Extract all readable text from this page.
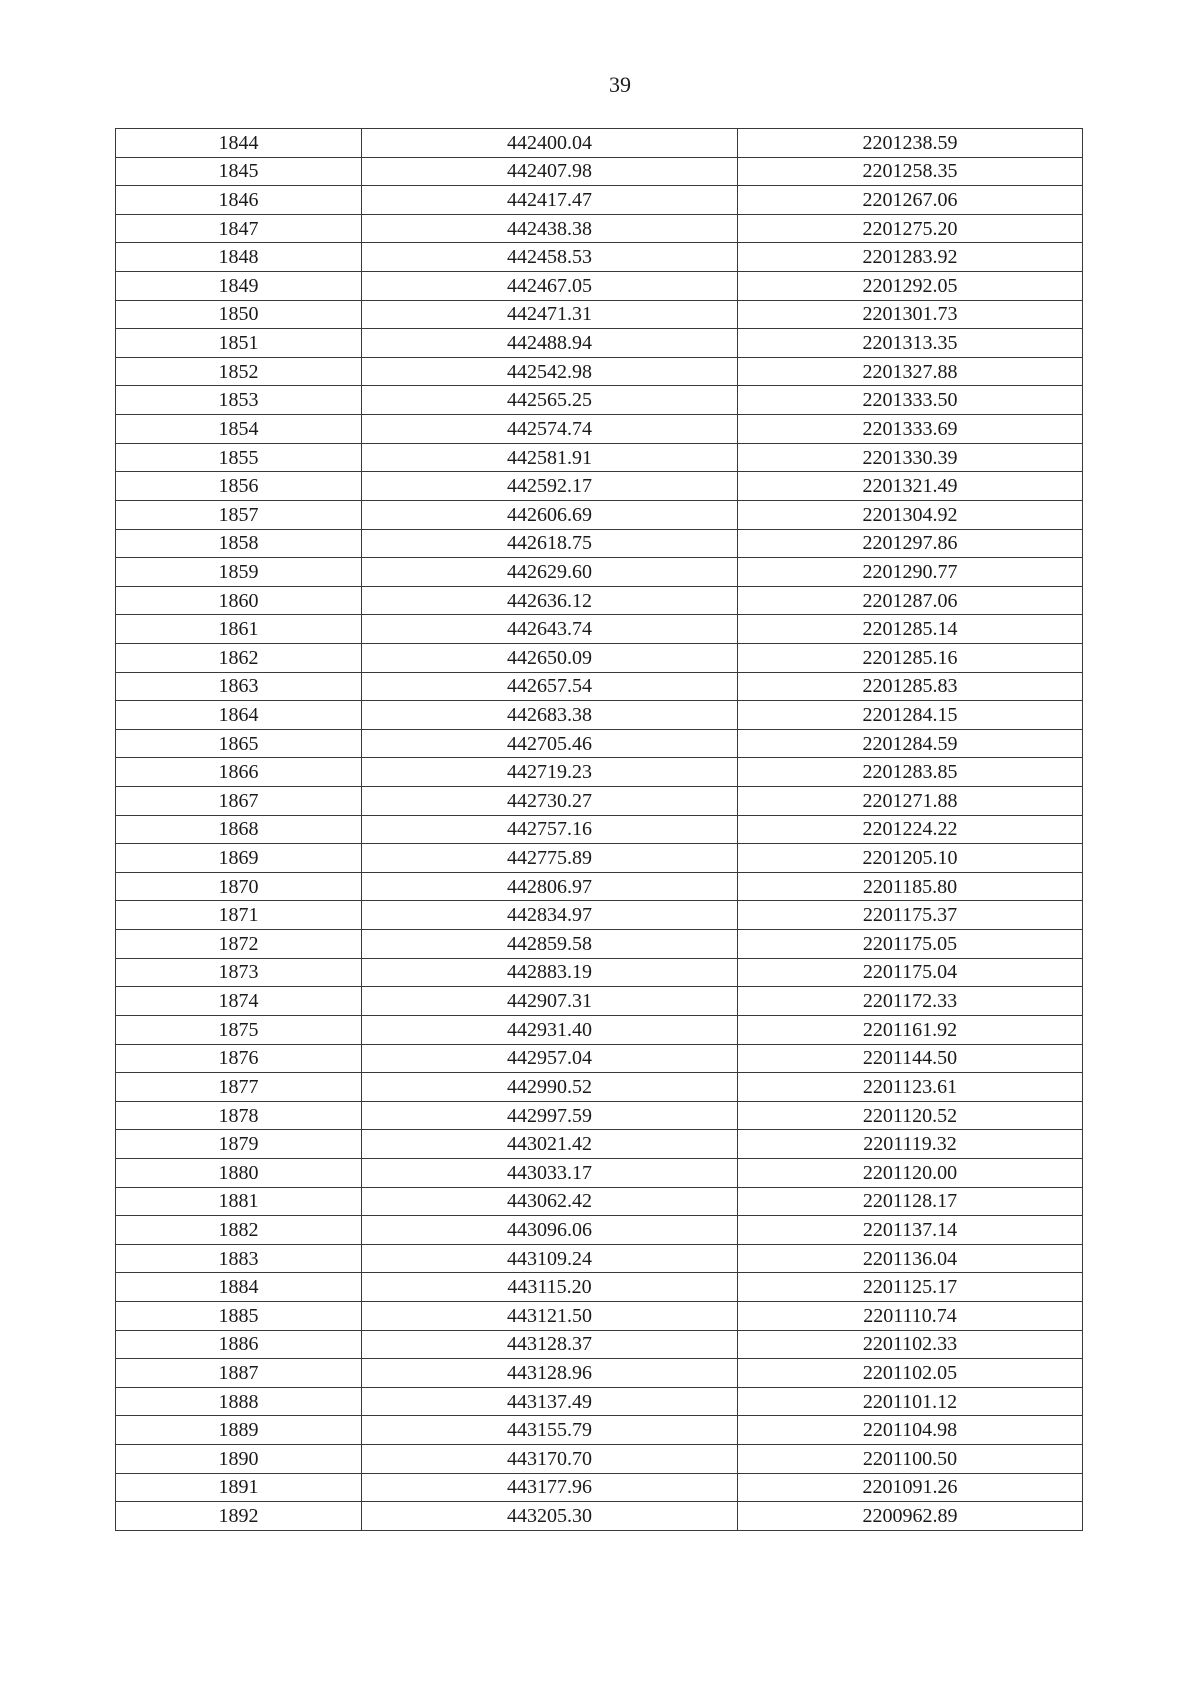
39
1844	442400.04	2201238.59
1845	442407.98	2201258.35
1846	442417.47	2201267.06
1847	442438.38	2201275.20
1848	442458.53	2201283.92
1849	442467.05	2201292.05
1850	442471.31	2201301.73
1851	442488.94	2201313.35
1852	442542.98	2201327.88
1853	442565.25	2201333.50
1854	442574.74	2201333.69
1855	442581.91	2201330.39
1856	442592.17	2201321.49
1857	442606.69	2201304.92
1858	442618.75	2201297.86
1859	442629.60	2201290.77
1860	442636.12	2201287.06
1861	442643.74	2201285.14
1862	442650.09	2201285.16
1863	442657.54	2201285.83
1864	442683.38	2201284.15
1865	442705.46	2201284.59
1866	442719.23	2201283.85
1867	442730.27	2201271.88
1868	442757.16	2201224.22
1869	442775.89	2201205.10
1870	442806.97	2201185.80
1871	442834.97	2201175.37
1872	442859.58	2201175.05
1873	442883.19	2201175.04
1874	442907.31	2201172.33
1875	442931.40	2201161.92
1876	442957.04	2201144.50
1877	442990.52	2201123.61
1878	442997.59	2201120.52
1879	443021.42	2201119.32
1880	443033.17	2201120.00
1881	443062.42	2201128.17
1882	443096.06	2201137.14
1883	443109.24	2201136.04
1884	443115.20	2201125.17
1885	443121.50	2201110.74
1886	443128.37	2201102.33
1887	443128.96	2201102.05
1888	443137.49	2201101.12
1889	443155.79	2201104.98
1890	443170.70	2201100.50
1891	443177.96	2201091.26
1892	443205.30	2200962.89
